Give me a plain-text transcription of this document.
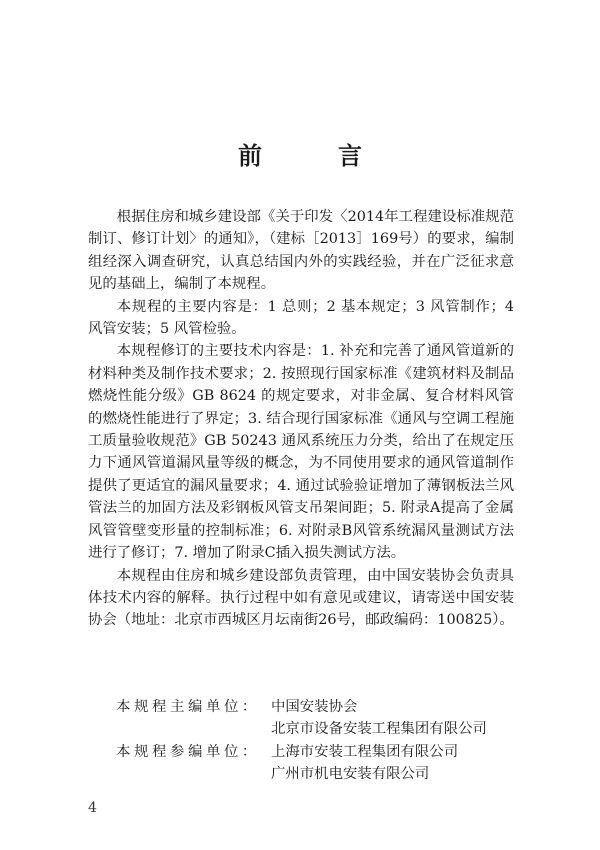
前　言

根据住房和城乡建设部《关于印发〈2014年工程建设标准规范制订、修订计划〉的通知》，（建标［2013］169号）的要求，编制组经深入调查研究，认真总结国内外的实践经验，并在广泛征求意见的基础上，编制了本规程。

本规程的主要内容是：1 总则；2 基本规定；3 风管制作；4 风管安装；5 风管检验。

本规程修订的主要技术内容是：1. 补充和完善了通风管道新的材料种类及制作技术要求；2. 按照现行国家标准《建筑材料及制品燃烧性能分级》GB 8624 的规定要求，对非金属、复合材料风管的燃烧性能进行了界定；3. 结合现行国家标准《通风与空调工程施工质量验收规范》GB 50243 通风系统压力分类，给出了在规定压力下通风管道漏风量等级的概念，为不同使用要求的通风管道制作提供了更适宜的漏风量要求；4. 通过试验验证增加了薄钢板法兰风管法兰的加固方法及彩钢板风管支吊架间距；5. 附录A提高了金属风管管壁变形量的控制标准；6. 对附录B风管系统漏风量测试方法进行了修订；7. 增加了附录C插入损失测试方法。

本规程由住房和城乡建设部负责管理，由中国安装协会负责具体技术内容的解释。执行过程中如有意见或建议，请寄送中国安装协会（地址：北京市西城区月坛南街26号，邮政编码：100825）。

本规程主编单位： 中国安装协会
北京市设备安装工程集团有限公司
本规程参编单位： 上海市安装工程集团有限公司
广州市机电安装有限公司
4
